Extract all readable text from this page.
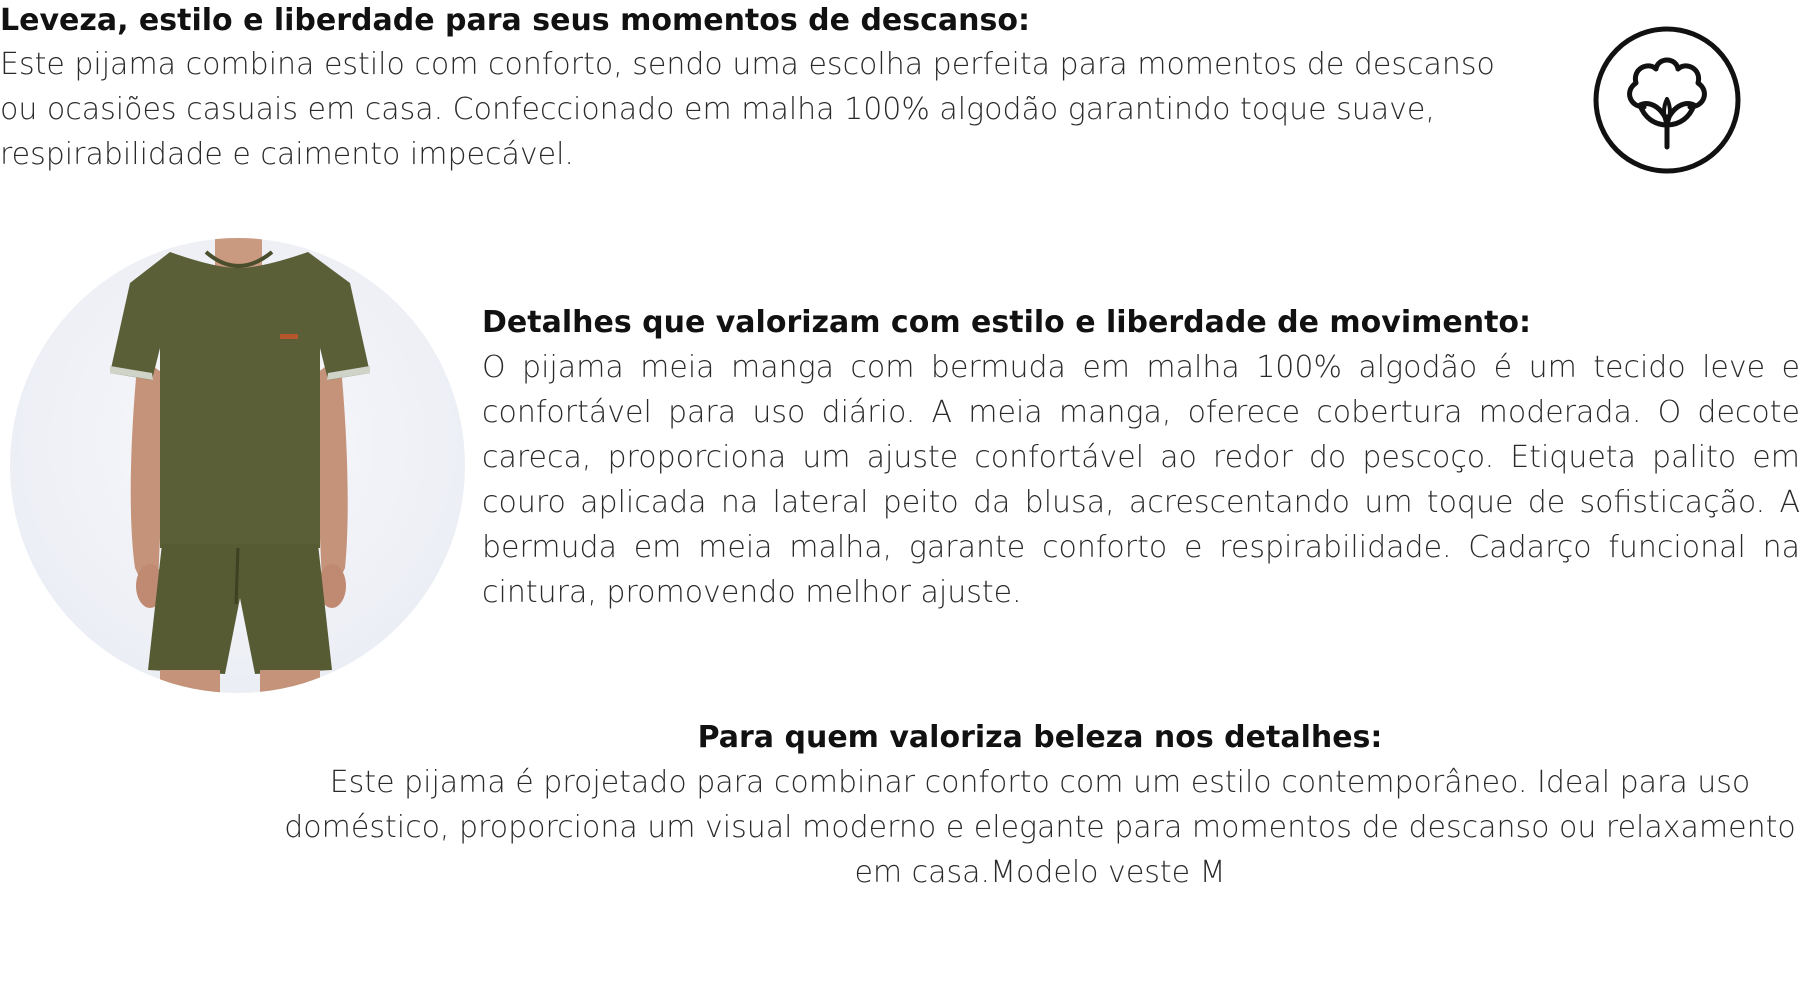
Leveza, estilo e liberdade para seus momentos de descanso:

Este pijama combina estilo com conforto, sendo uma escolha perfeita para momentos de descanso ou ocasiões casuais em casa. Confeccionado em malha 100% algodão garantindo toque suave, respirabilidade e caimento impecável.

Detalhes que valorizam com estilo e liberdade de movimento:

O pijama meia manga com bermuda em malha 100% algodão é um tecido leve e confortável para uso diário. A meia manga, oferece cobertura moderada. O decote careca, proporciona um ajuste confortável ao redor do pescoço. Etiqueta palito em couro aplicada na lateral peito da blusa, acrescentando um toque de sofisticação. A bermuda em meia malha, garante conforto e respirabilidade. Cadarço funcional na cintura, promovendo melhor ajuste.

Para quem valoriza beleza nos detalhes:

Este pijama é projetado para combinar conforto com um estilo contemporâneo. Ideal para uso

doméstico, proporciona um visual moderno e elegante para momentos de descanso ou relaxamento

em casa.Modelo veste M
